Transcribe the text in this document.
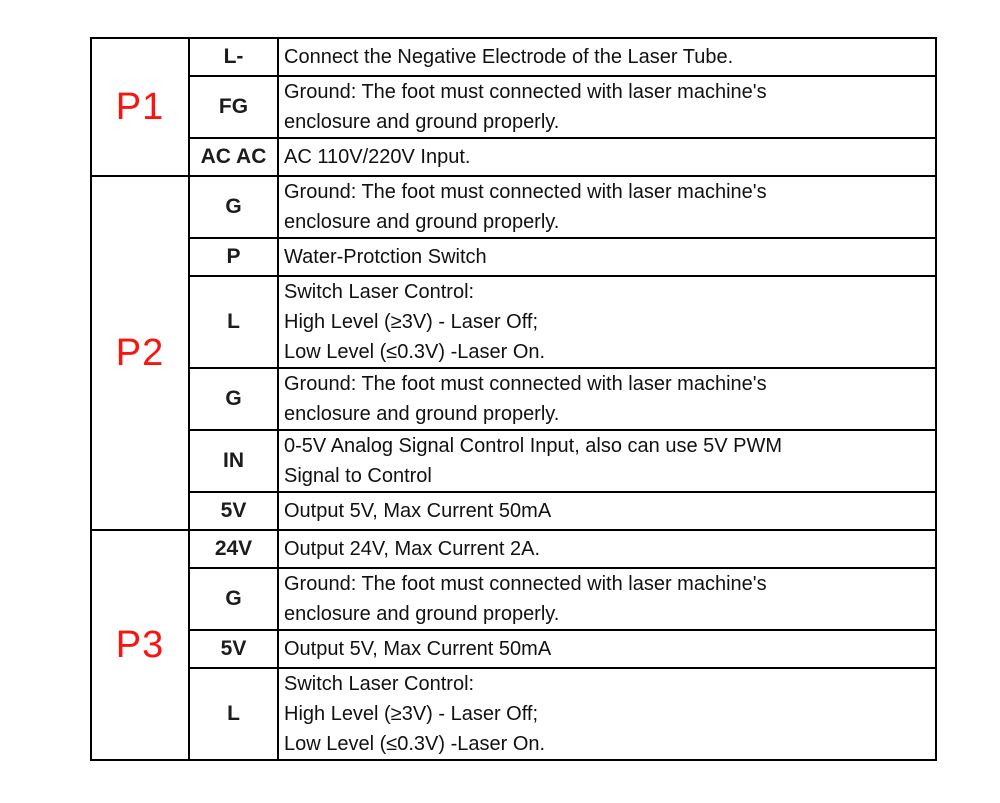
P1	L-	Connect the Negative Electrode of the Laser Tube.

	FG	Ground: The foot must connected with laser machine's
enclosure and ground properly.

	AC AC	AC 110V/220V Input.

P2	G	Ground: The foot must connected with laser machine's
enclosure and ground properly.

	P	Water-Protction Switch

	L	Switch Laser Control:
High Level (≥3V) - Laser Off;
Low Level (≤0.3V) -Laser On.

	G	Ground: The foot must connected with laser machine's
enclosure and ground properly.

	IN	0-5V Analog Signal Control Input, also can use 5V PWM
Signal to Control

	5V	Output 5V, Max Current 50mA

P3	24V	Output 24V, Max Current 2A.

	G	Ground: The foot must connected with laser machine's
enclosure and ground properly.

	5V	Output 5V, Max Current 50mA

	L	Switch Laser Control:
High Level (≥3V) - Laser Off;
Low Level (≤0.3V) -Laser On.
